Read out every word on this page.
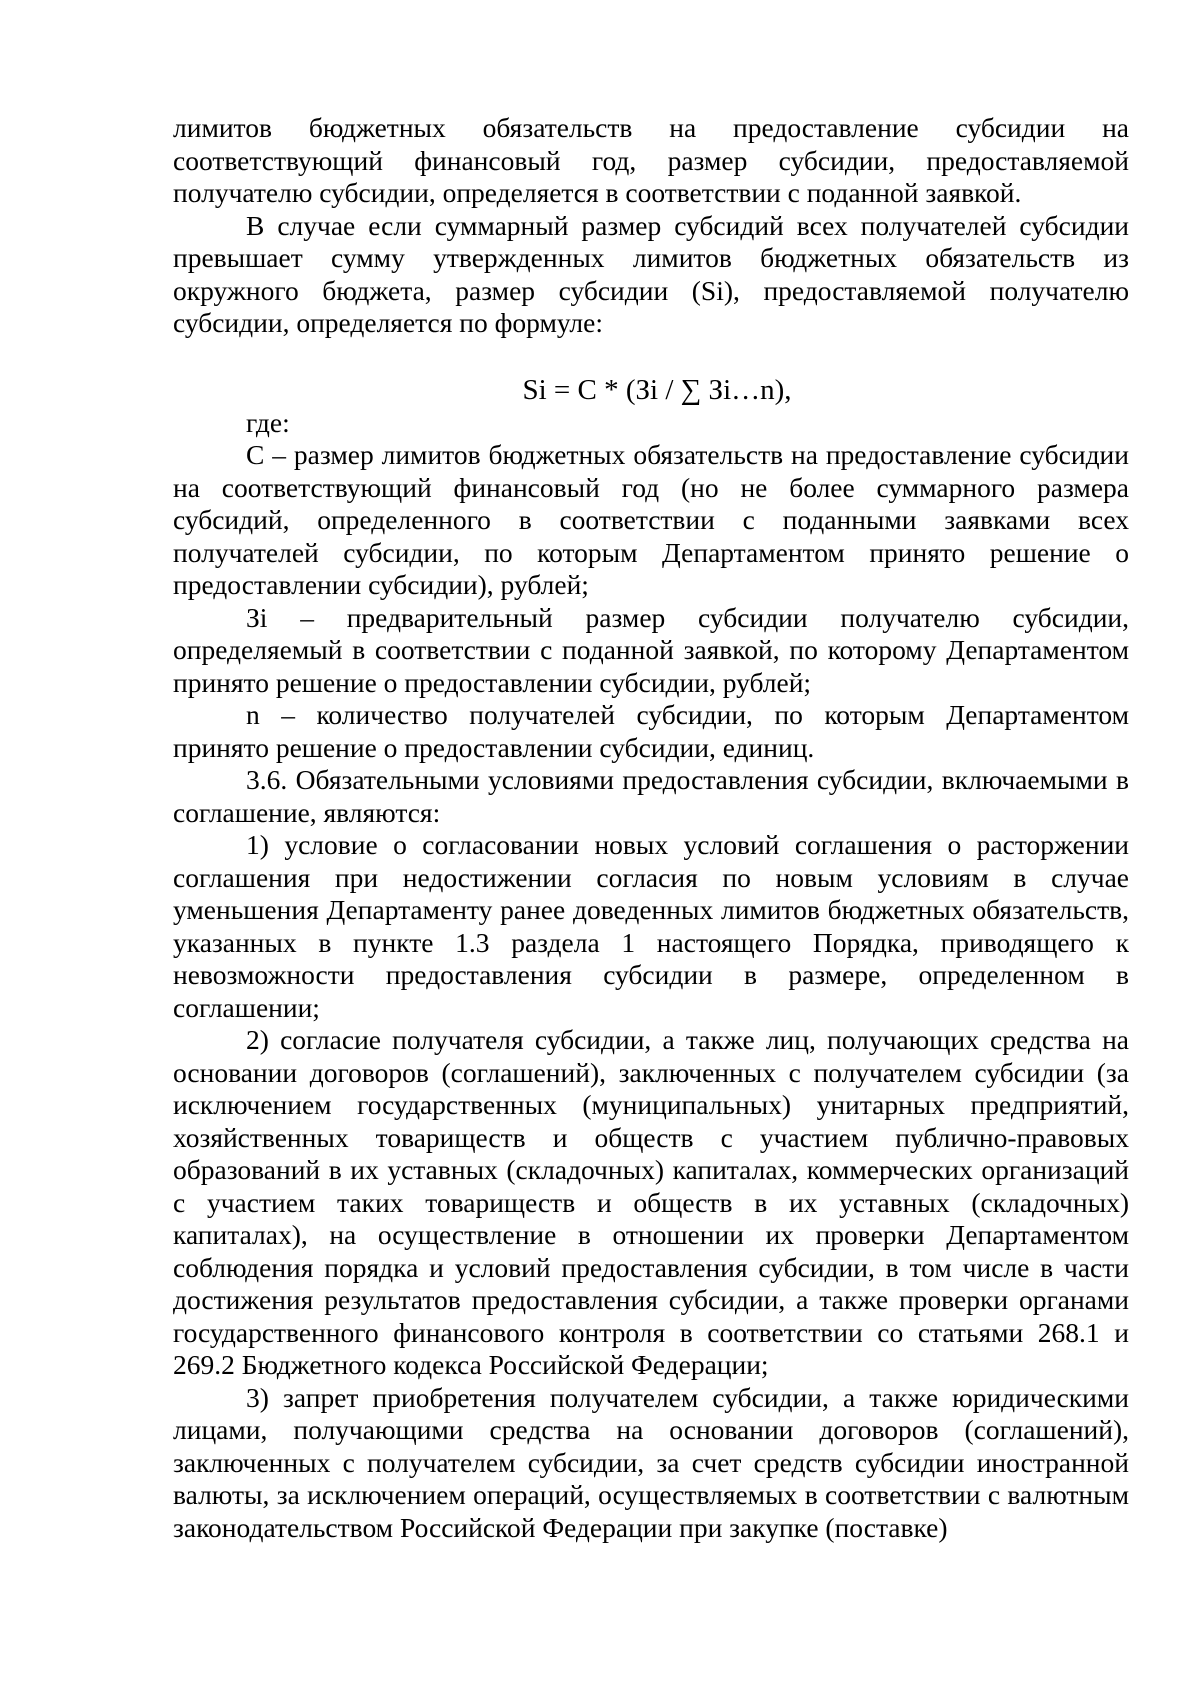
лимитов бюджетных обязательств на предоставление субсидии на соответствующий финансовый год, размер субсидии, предоставляемой получателю субсидии, определяется в соответствии с поданной заявкой.

В случае если суммарный размер субсидий всех получателей субсидии превышает сумму утвержденных лимитов бюджетных обязательств из окружного бюджета, размер субсидии (Si), предоставляемой получателю субсидии, определяется по формуле:

Si = C * (Зi / ∑ Зi…n),

где:

C – размер лимитов бюджетных обязательств на предоставление субсидии на соответствующий финансовый год (но не более суммарного размера субсидий, определенного в соответствии с поданными заявками всех получателей субсидии, по которым Департаментом принято решение о предоставлении субсидии), рублей;

Зi – предварительный размер субсидии получателю субсидии, определяемый в соответствии с поданной заявкой, по которому Департаментом принято решение о предоставлении субсидии, рублей;

n – количество получателей субсидии, по которым Департаментом принято решение о предоставлении субсидии, единиц.

3.6. Обязательными условиями предоставления субсидии, включаемыми в соглашение, являются:

1) условие о согласовании новых условий соглашения о расторжении соглашения при недостижении согласия по новым условиям в случае уменьшения Департаменту ранее доведенных лимитов бюджетных обязательств, указанных в пункте 1.3 раздела 1 настоящего Порядка, приводящего к невозможности предоставления субсидии в размере, определенном в соглашении;

2) согласие получателя субсидии, а также лиц, получающих средства на основании договоров (соглашений), заключенных с получателем субсидии (за исключением государственных (муниципальных) унитарных предприятий, хозяйственных товариществ и обществ с участием публично-правовых образований в их уставных (складочных) капиталах, коммерческих организаций с участием таких товариществ и обществ в их уставных (складочных) капиталах), на осуществление в отношении их проверки Департаментом соблюдения порядка и условий предоставления субсидии, в том числе в части достижения результатов предоставления субсидии, а также проверки органами государственного финансового контроля в соответствии со статьями 268.1 и 269.2 Бюджетного кодекса Российской Федерации;

3) запрет приобретения получателем субсидии, а также юридическими лицами, получающими средства на основании договоров (соглашений), заключенных с получателем субсидии, за счет средств субсидии иностранной валюты, за исключением операций, осуществляемых в соответствии с валютным законодательством Российской Федерации при закупке (поставке)
